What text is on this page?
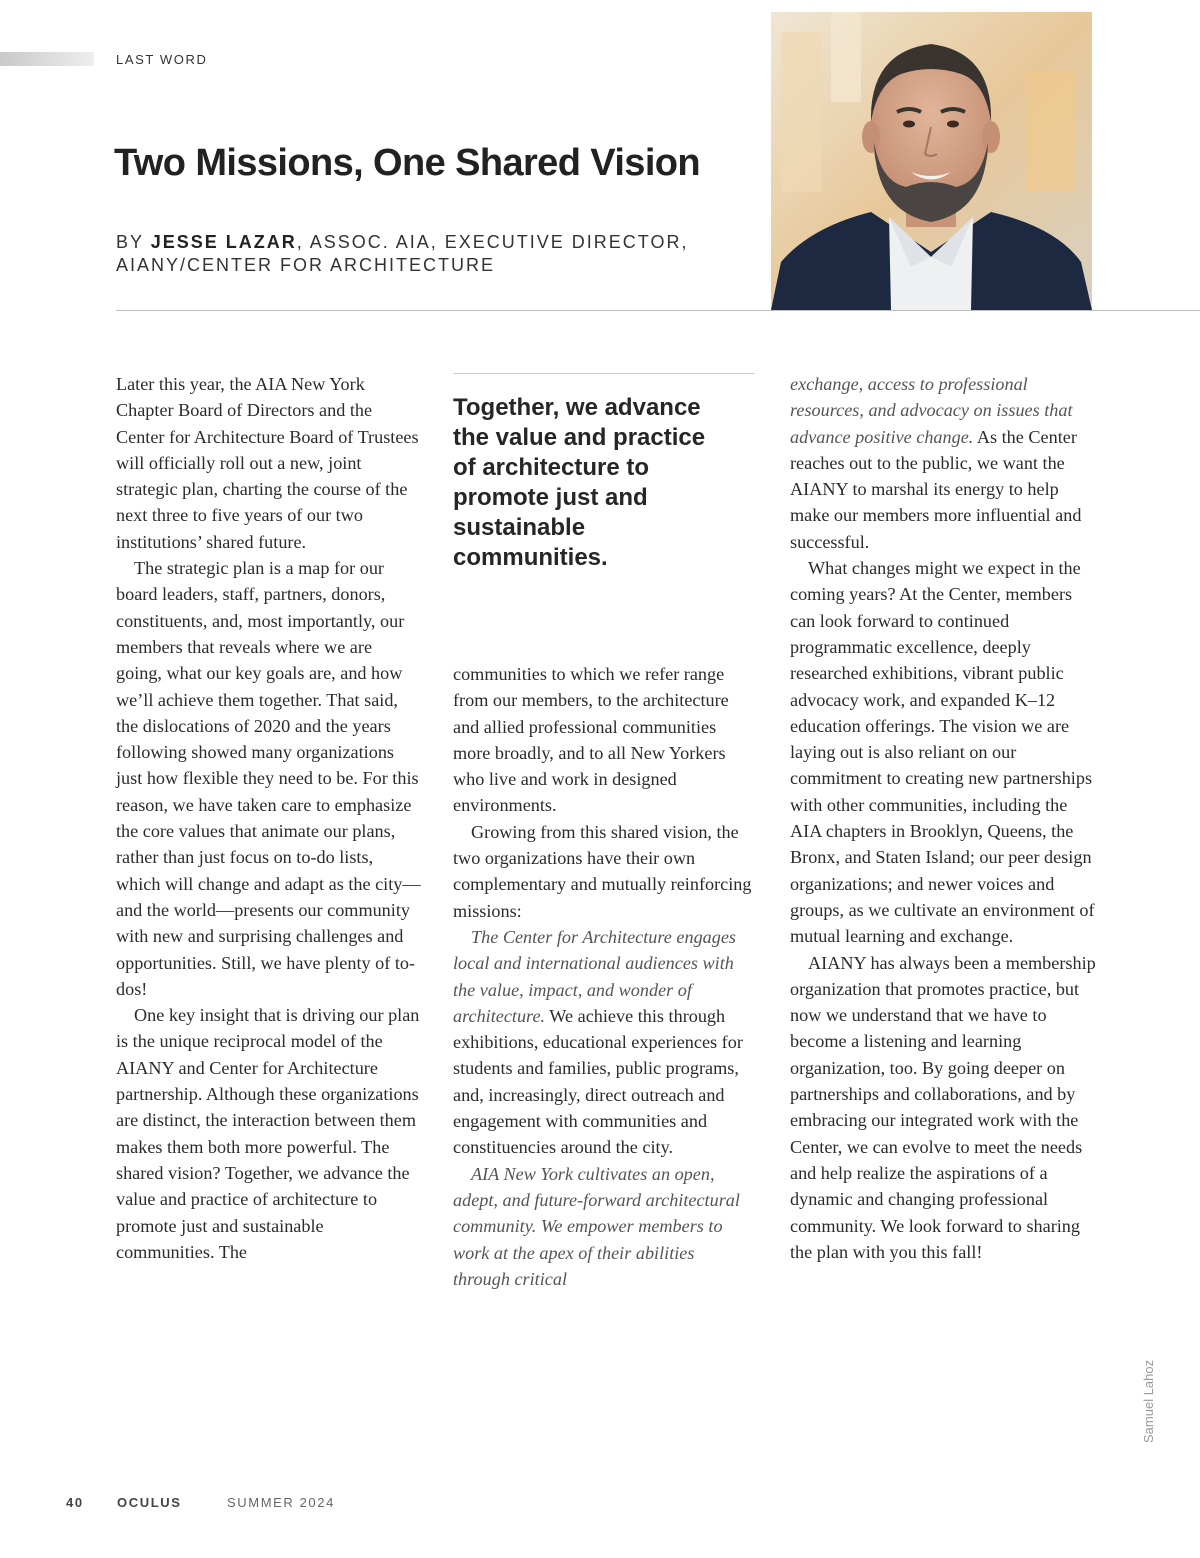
LAST WORD
Two Missions, One Shared Vision
BY JESSE LAZAR, ASSOC. AIA, EXECUTIVE DIRECTOR, AIANY/CENTER FOR ARCHITECTURE

Later this year, the AIA New York Chapter Board of Directors and the Center for Architecture Board of Trustees will officially roll out a new, joint strategic plan, charting the course of the next three to five years of our two institutions’ shared future.

The strategic plan is a map for our board leaders, staff, partners, donors, constituents, and, most importantly, our members that reveals where we are going, what our key goals are, and how we’ll achieve them together. That said, the dislocations of 2020 and the years following showed many organizations just how flexible they need to be. For this reason, we have taken care to emphasize the core values that animate our plans, rather than just focus on to-do lists, which will change and adapt as the city—and the world—presents our community with new and surprising challenges and opportunities. Still, we have plenty of to-dos!

One key insight that is driving our plan is the unique reciprocal model of the AIANY and Center for Architecture partnership. Although these organizations are distinct, the interaction between them makes them both more powerful. The shared vision? Together, we advance the value and practice of architecture to promote just and sustainable communities. The

Together, we advance the value and practice of architecture to promote just and sustainable communities.

communities to which we refer range from our members, to the architecture and allied professional communities more broadly, and to all New Yorkers who live and work in designed environments.

Growing from this shared vision, the two organizations have their own complementary and mutually reinforcing missions:

The Center for Architecture engages local and international audiences with the value, impact, and wonder of architecture. We achieve this through exhibitions, educational experiences for students and families, public programs, and, increasingly, direct outreach and engagement with communities and constituencies around the city.

AIA New York cultivates an open, adept, and future-forward architectural community. We empower members to work at the apex of their abilities through critical

exchange, access to professional resources, and advocacy on issues that advance positive change. As the Center reaches out to the public, we want the AIANY to marshal its energy to help make our members more influential and successful.

What changes might we expect in the coming years? At the Center, members can look forward to continued programmatic excellence, deeply researched exhibitions, vibrant public advocacy work, and expanded K–12 education offerings. The vision we are laying out is also reliant on our commitment to creating new partnerships with other communities, including the AIA chapters in Brooklyn, Queens, the Bronx, and Staten Island; our peer design organizations; and newer voices and groups, as we cultivate an environment of mutual learning and exchange.

AIANY has always been a membership organization that promotes practice, but now we understand that we have to become a listening and learning organization, too. By going deeper on partnerships and collaborations, and by embracing our integrated work with the Center, we can evolve to meet the needs and help realize the aspirations of a dynamic and changing professional community. We look forward to sharing the plan with you this fall!

Samuel Lahoz
40	OCULUS	SUMMER 2024
